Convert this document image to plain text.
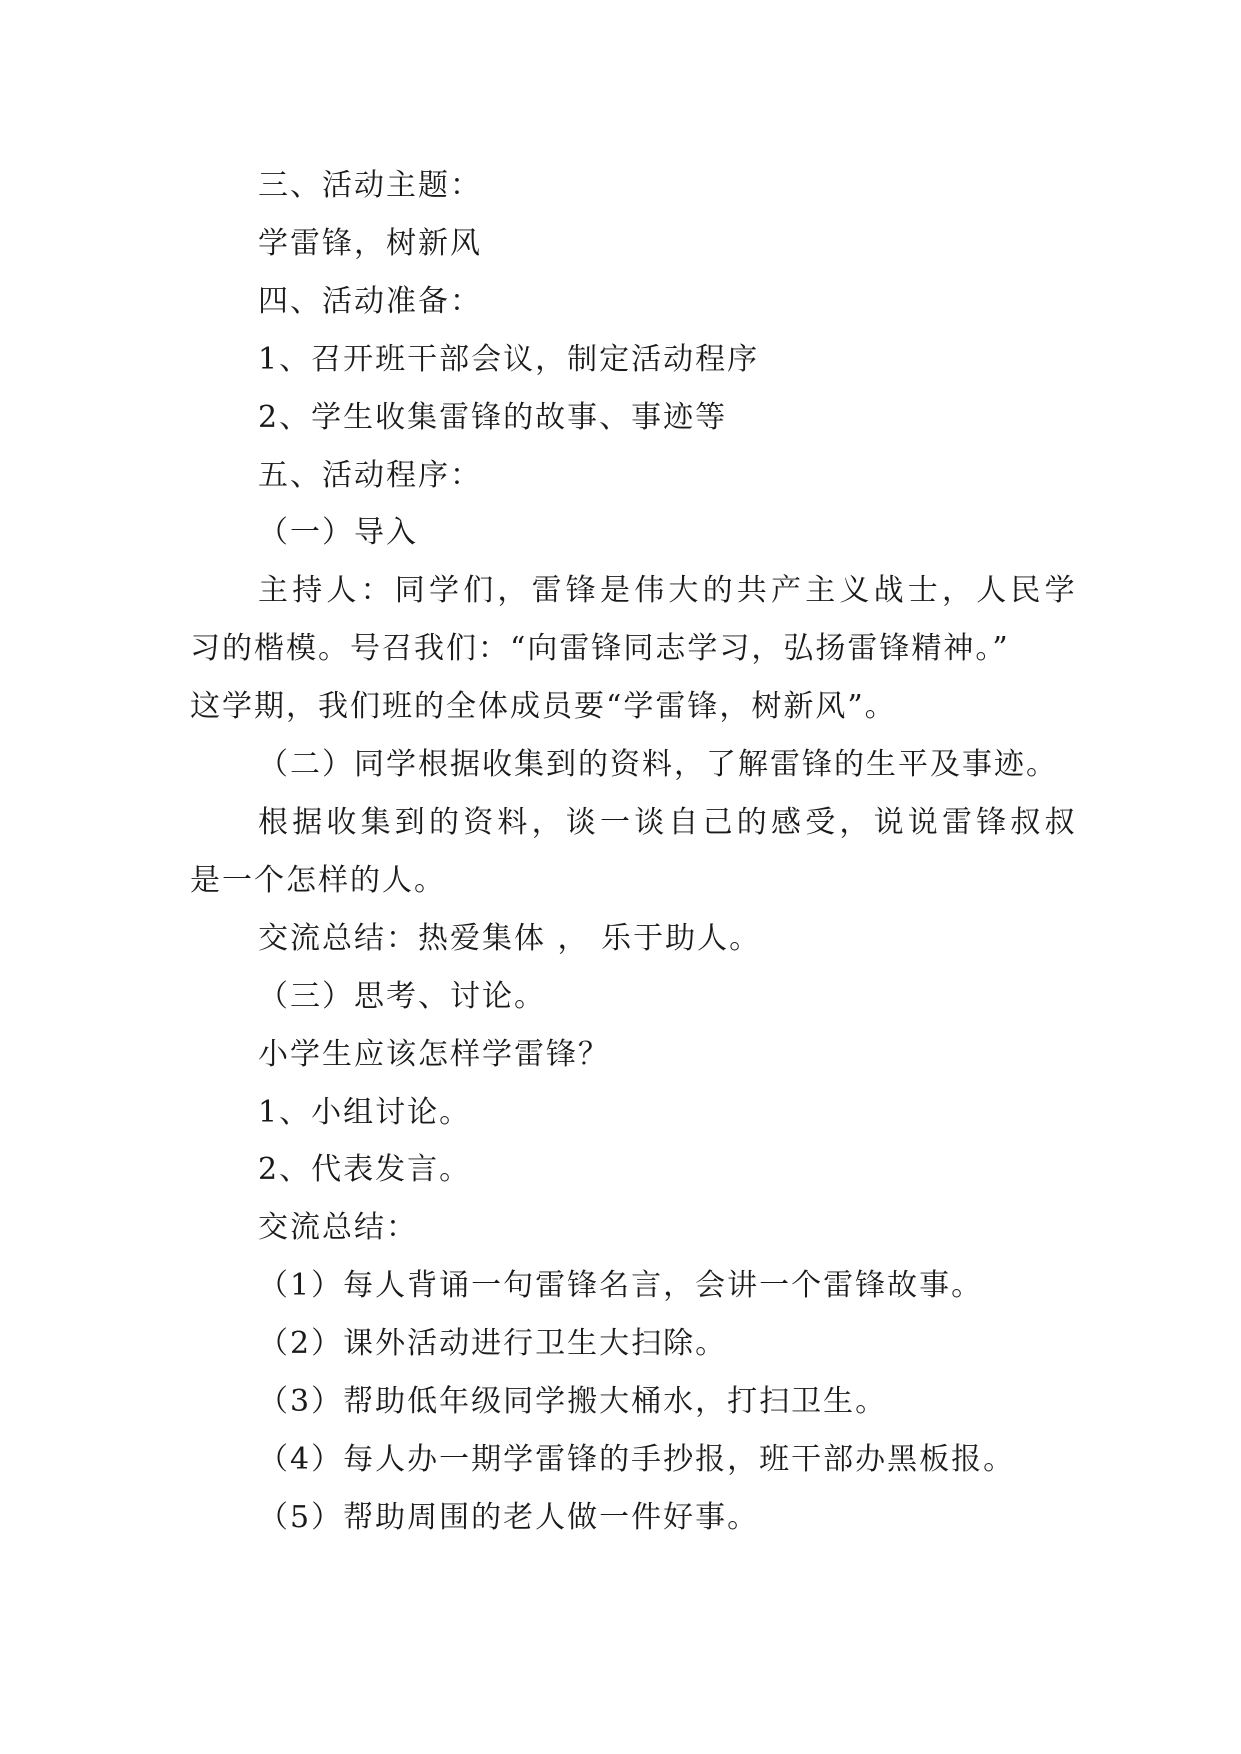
三、活动主题：
学雷锋，树新风
四、活动准备：
1、召开班干部会议，制定活动程序
2、学生收集雷锋的故事、事迹等
五、活动程序：
（一）导入
主持人：同学们，雷锋是伟大的共产主义战士，人民学
习的楷模。号召我们：“向雷锋同志学习，弘扬雷锋精神。”
这学期，我们班的全体成员要“学雷锋，树新风”。
（二）同学根据收集到的资料，了解雷锋的生平及事迹。
根据收集到的资料，谈一谈自己的感受，说说雷锋叔叔
是一个怎样的人。
交流总结：热爱集体 ， 乐于助人。
（三）思考、讨论。
小学生应该怎样学雷锋？
1、小组讨论。
2、代表发言。
交流总结：
（1）每人背诵一句雷锋名言，会讲一个雷锋故事。
（2）课外活动进行卫生大扫除。
（3）帮助低年级同学搬大桶水，打扫卫生。
（4）每人办一期学雷锋的手抄报，班干部办黑板报。
（5）帮助周围的老人做一件好事。
